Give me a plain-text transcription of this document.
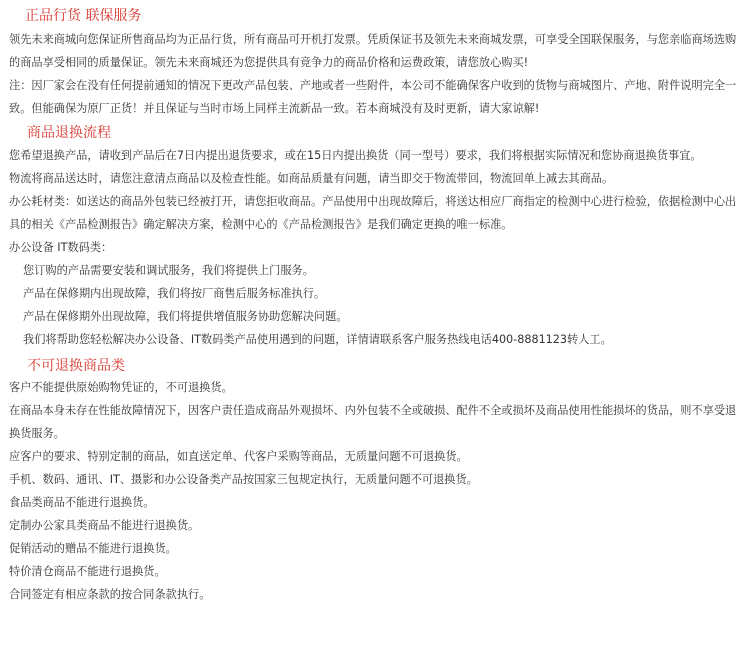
正品行货 联保服务

领先未来商城向您保证所售商品均为正品行货，所有商品可开机打发票。凭质保证书及领先未来商城发票，可享受全国联保服务，与您亲临商场选购的商品享受相同的质量保证。领先未来商城还为您提供具有竞争力的商品价格和运费政策，请您放心购买!

注：因厂家会在没有任何提前通知的情况下更改产品包装、产地或者一些附件，本公司不能确保客户收到的货物与商城图片、产地、附件说明完全一致。但能确保为原厂正货！并且保证与当时市场上同样主流新品一致。若本商城没有及时更新，请大家谅解!

商品退换流程

您希望退换产品，请收到产品后在7日内提出退货要求，或在15日内提出换货（同一型号）要求，我们将根据实际情况和您协商退换货事宜。

物流将商品送达时，请您注意清点商品以及检查性能。如商品质量有问题，请当即交于物流带回，物流回单上减去其商品。

办公耗材类：如送达的商品外包装已经被打开，请您拒收商品。产品使用中出现故障后，将送达相应厂商指定的检测中心进行检验，依据检测中心出具的相关《产品检测报告》确定解决方案，检测中心的《产品检测报告》是我们确定更换的唯一标准。

办公设备 IT数码类：

您订购的产品需要安装和调试服务，我们将提供上门服务。

产品在保修期内出现故障，我们将按厂商售后服务标准执行。

产品在保修期外出现故障，我们将提供增值服务协助您解决问题。

我们将帮助您轻松解决办公设备、IT数码类产品使用遇到的问题，详情请联系客户服务热线电话400-8881123转人工。

不可退换商品类

客户不能提供原始购物凭证的，不可退换货。

在商品本身未存在性能故障情况下，因客户责任造成商品外观损坏、内外包装不全或破损、配件不全或损坏及商品使用性能损坏的货品，则不享受退换货服务。

应客户的要求、特别定制的商品，如直送定单、代客户采购等商品，无质量问题不可退换货。

手机、数码、通讯、IT、摄影和办公设备类产品按国家三包规定执行，无质量问题不可退换货。

食品类商品不能进行退换货。

定制办公家具类商品不能进行退换货。

促销活动的赠品不能进行退换货。

特价清仓商品不能进行退换货。

合同签定有相应条款的按合同条款执行。
